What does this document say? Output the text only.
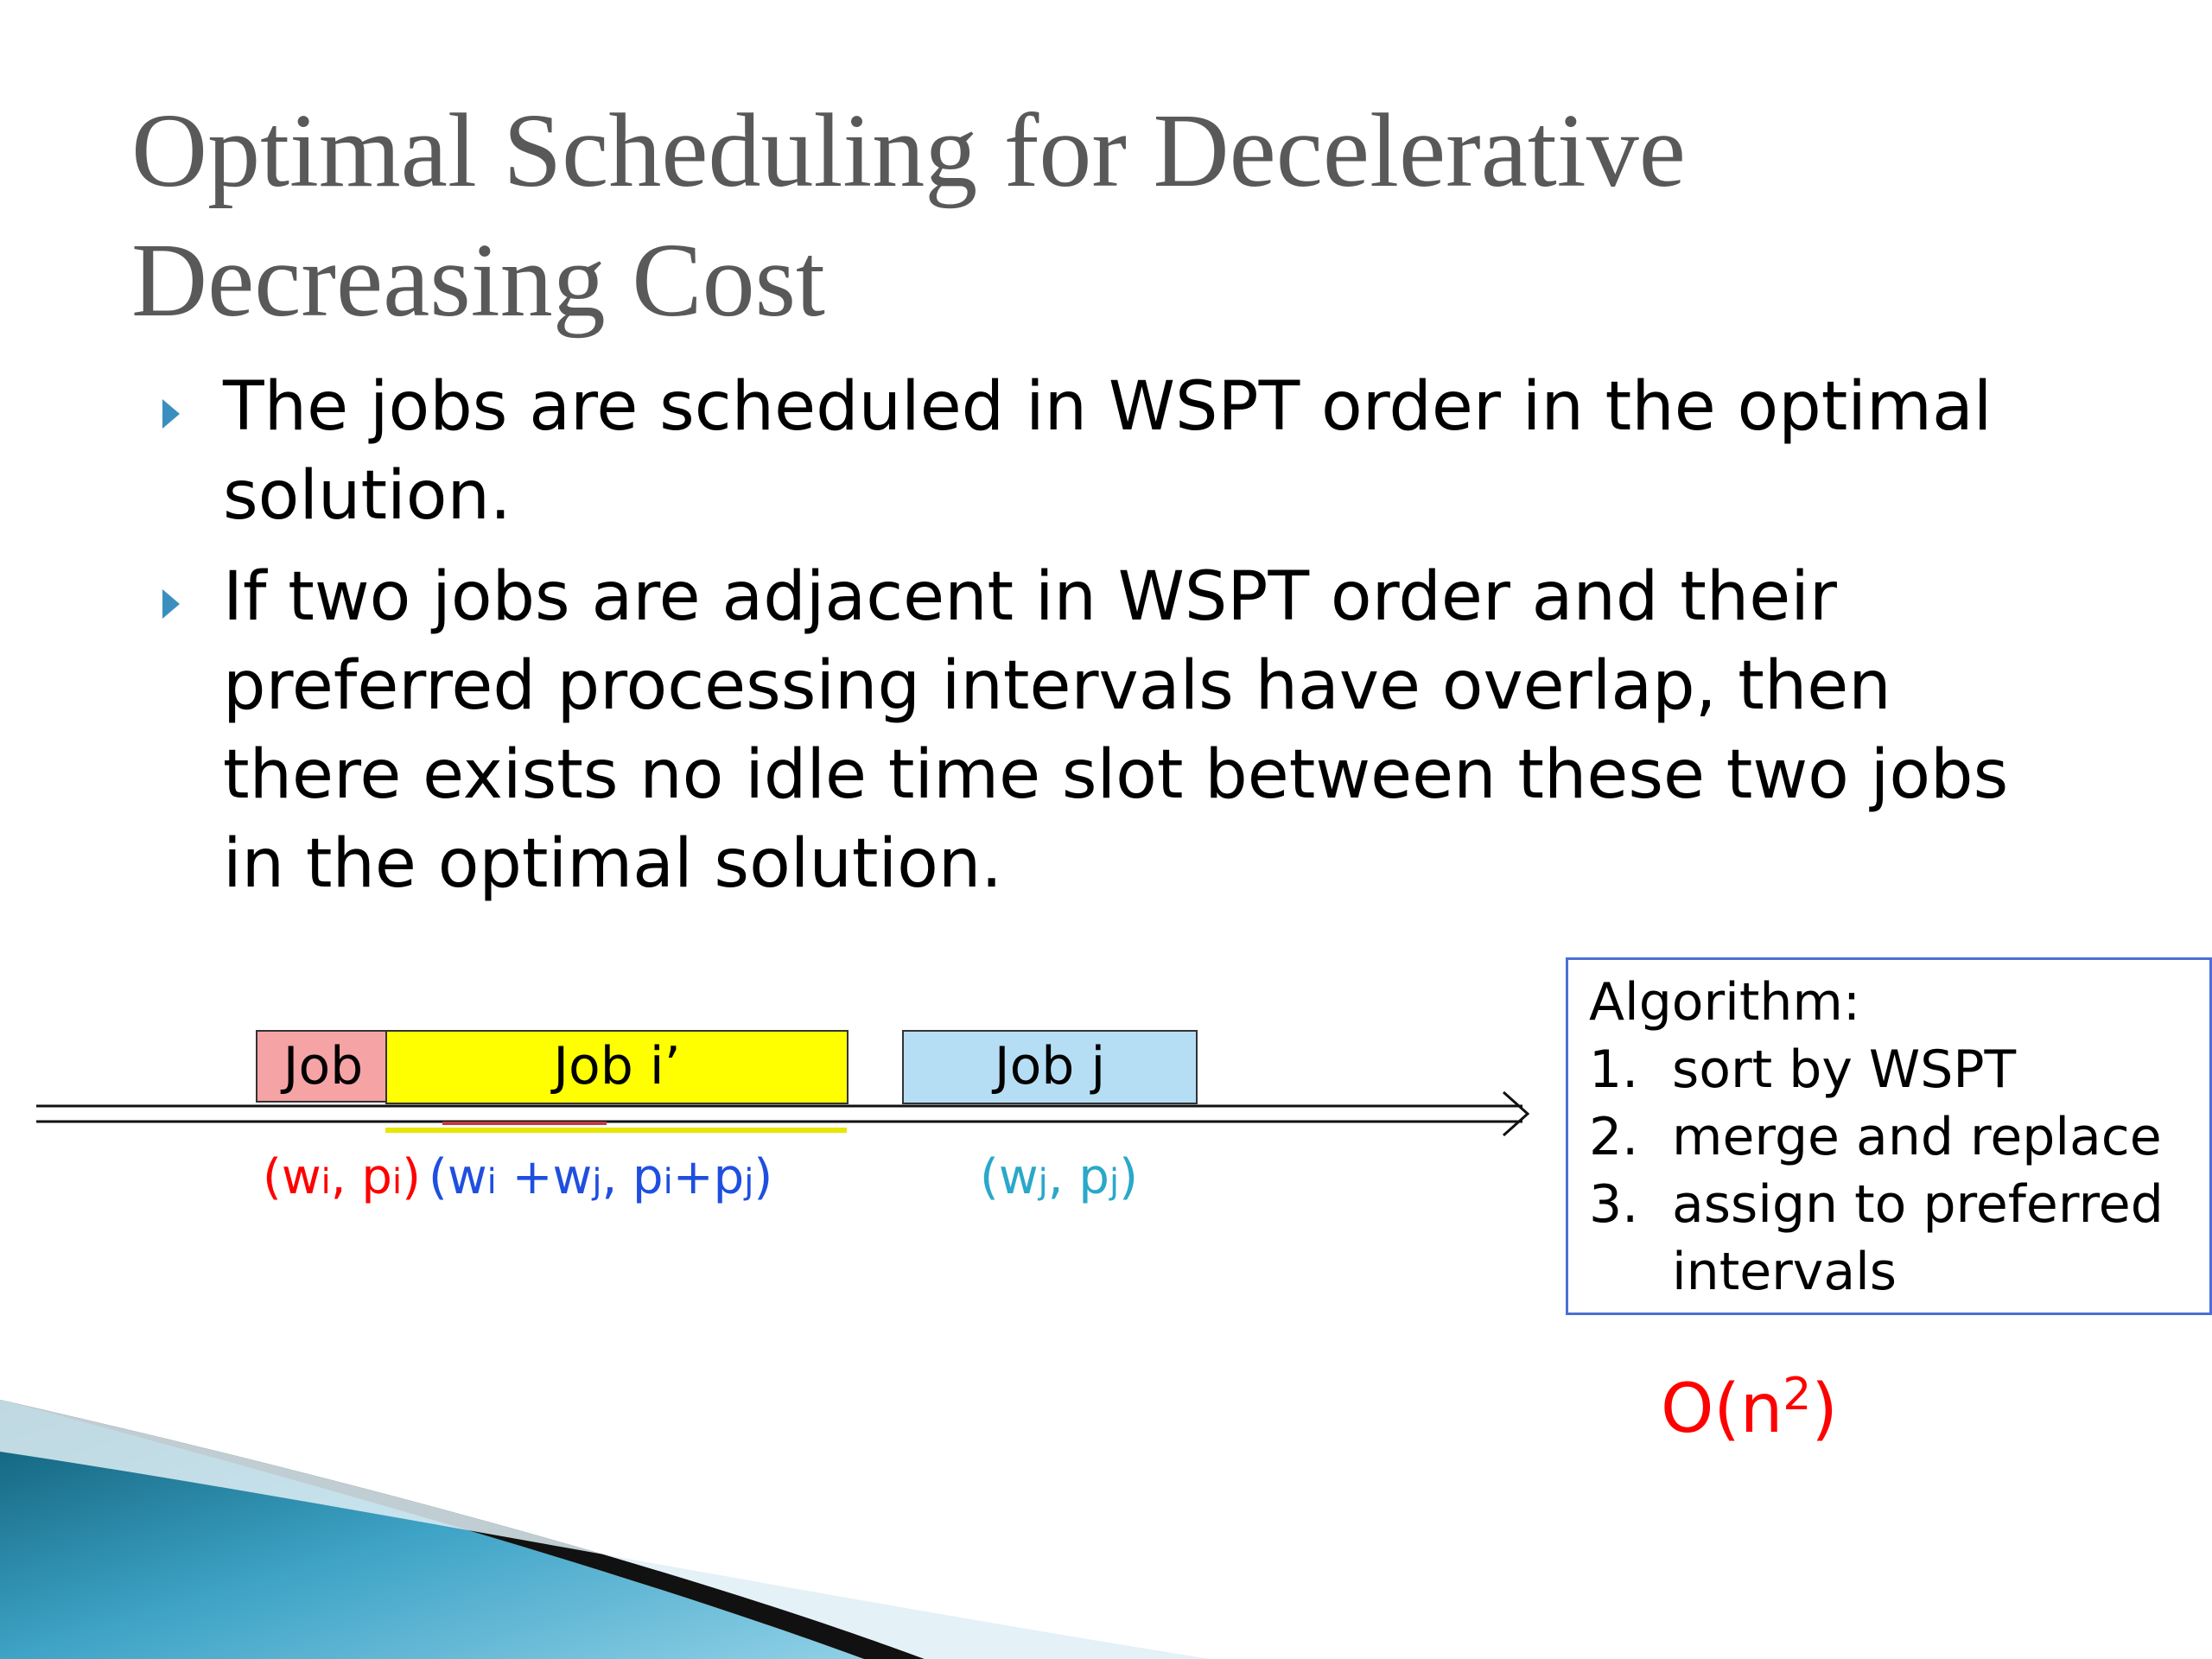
Optimal Scheduling for Decelerative
Decreasing Cost
The jobs are scheduled in WSPT order in the optimal solution.
If two jobs are adjacent in WSPT order and their preferred processing intervals have overlap, then there exists no idle time slot between these two jobs in the optimal solution.
Job	Job i’	Job j
(wi, pi) (wi +wj, pi+pj)	(wj, pj)
Algorithm:
1. sort by WSPT
2. merge and replace
3. assign to preferred intervals
$O(n^2)$
